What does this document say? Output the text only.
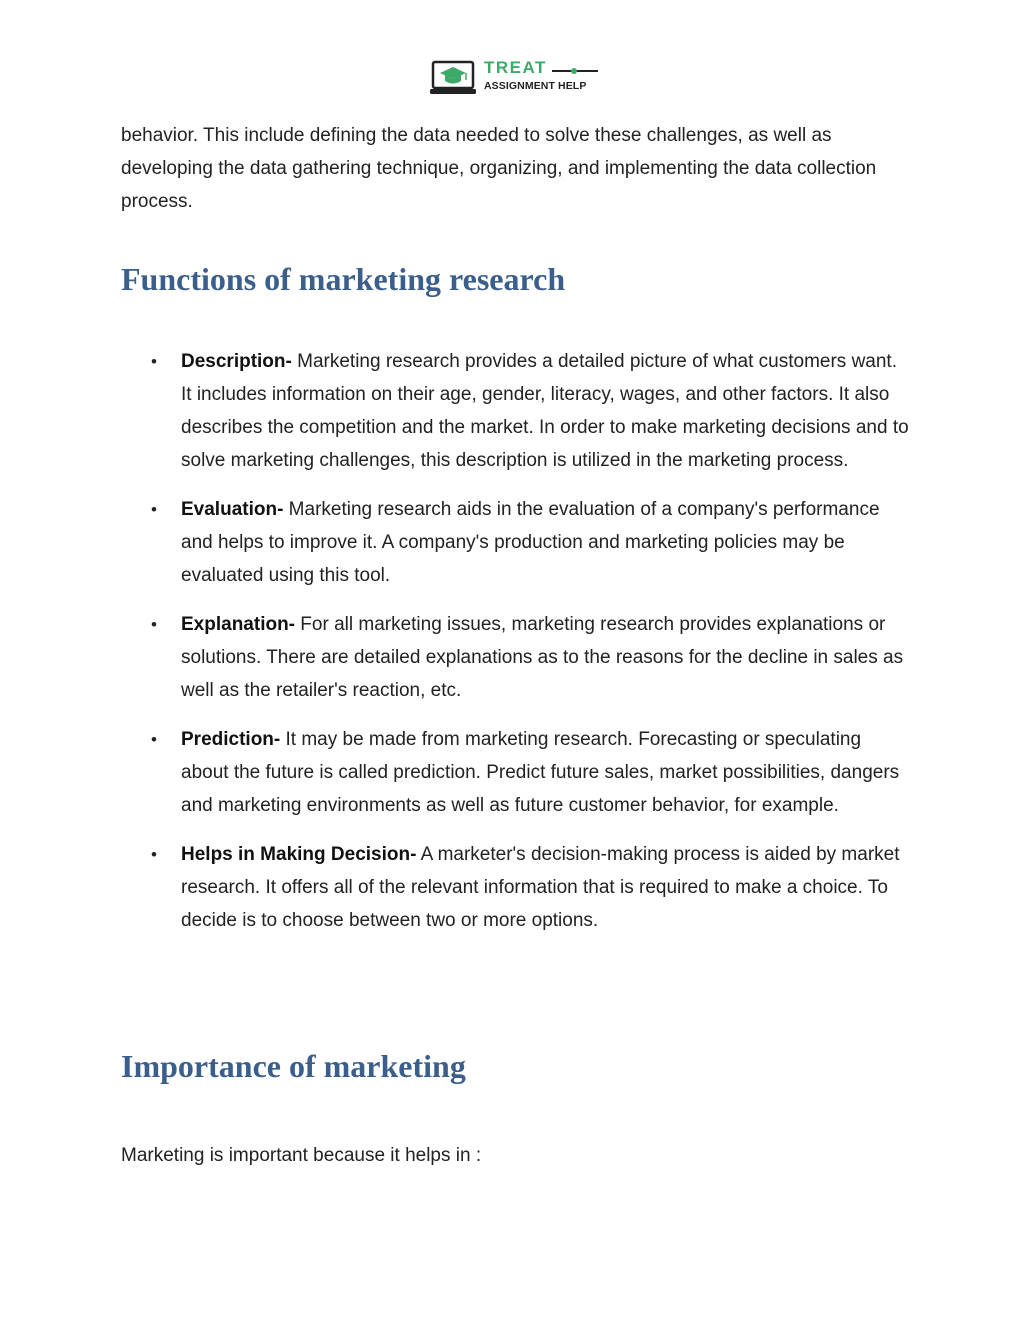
TREAT
ASSIGNMENT HELP

behavior. This include defining the data needed to solve these challenges, as well as developing the data gathering technique, organizing, and implementing the data collection process.

Functions of marketing research
• Description- Marketing research provides a detailed picture of what customers want. It includes information on their age, gender, literacy, wages, and other factors. It also describes the competition and the market. In order to make marketing decisions and to solve marketing challenges, this description is utilized in the marketing process.
• Evaluation- Marketing research aids in the evaluation of a company's performance and helps to improve it. A company's production and marketing policies may be evaluated using this tool.
• Explanation- For all marketing issues, marketing research provides explanations or solutions. There are detailed explanations as to the reasons for the decline in sales as well as the retailer's reaction, etc.
• Prediction- It may be made from marketing research. Forecasting or speculating about the future is called prediction. Predict future sales, market possibilities, dangers and marketing environments as well as future customer behavior, for example.
• Helps in Making Decision- A marketer's decision-making process is aided by market research. It offers all of the relevant information that is required to make a choice. To decide is to choose between two or more options.
Importance of marketing

Marketing is important because it helps in :
